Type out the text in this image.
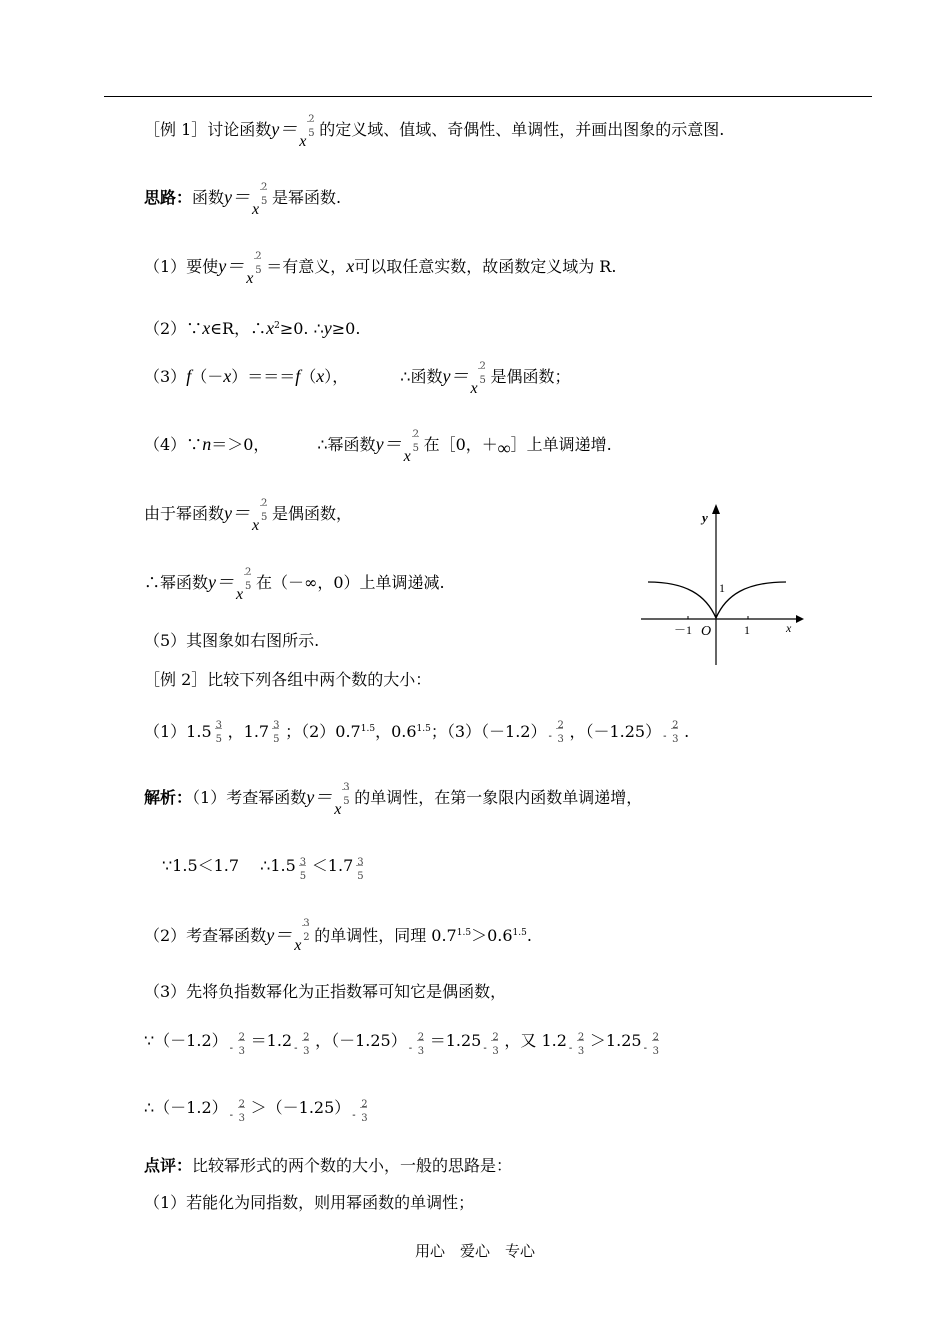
［例 1］讨论函数y＝
x
2
5 的定义域、值域、奇偶性、单调性，并画出图象的示意图.
思路：函数y＝
x
2
5 是幂函数.
（1）要使y＝
x
2
5 ＝有意义，x可以取任意实数，故函数定义域为 R.
（2）∵x∈R，$\therefore x^2\ge 0$. ∴y≥0.
（3）f（－x）＝＝＝f（x），	∴函数y＝
x
2
5 是偶函数；
（4）∵n＝＞0，	∴幂函数y＝
x
2
5 在［0，＋∞］上单调递增.
由于幂函数y＝
x
2
5 是偶函数，
∴幂函数y＝
x
2
5 在（－∞，0）上单调递减.
（5）其图象如右图所示.
y
x
O
－1	1
1
［例 2］比较下列各组中两个数的大小：
（1）1.5 3
5 ，1.7 3
5 ；$(2)0.7^{1.5}$，$0.6^{1.5}$；（3）（－1.2） -
2
3 ，（－1.25） -
2
3 .
解析：（1）考查幂函数y＝
x
3
5 的单调性，在第一象限内函数单调递增，
∵1.5＜1.7　 ∴1.5 3
5
＜1.7 3
5
（2）考查幂函数y＝
x
3
2 的单调性，同理 $0.7^{1.5}>0.6^{1.5}$.
（3）先将负指数幂化为正指数幂可知它是偶函数，
∵（－1.2） -
2
3
＝1.2 -
2
3
，（－1.25） -
2
3
＝1.25 -
2
3
，又 1.2 -
2
3
＞1.25 -
2
3
∴（－1.2） -
2
3
＞（－1.25） -
2
3
点评：比较幂形式的两个数的大小，一般的思路是：
（1）若能化为同指数，则用幂函数的单调性；
用心　爱心　专心
